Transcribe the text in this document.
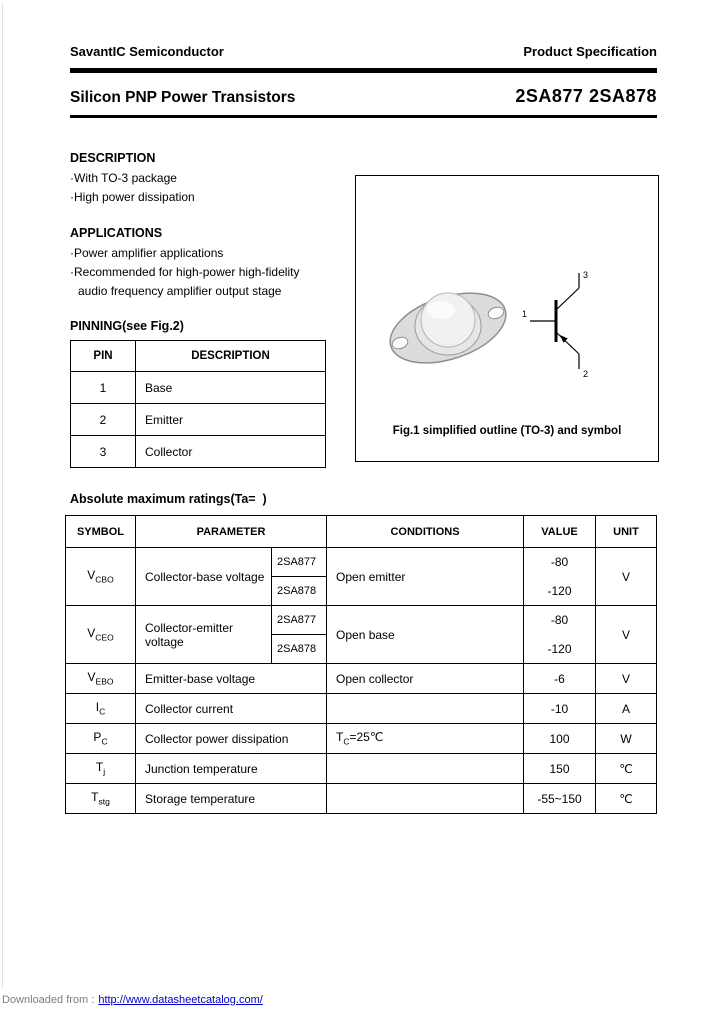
SavantIC Semiconductor	Product Specification
Silicon PNP Power Transistors	2SA877 2SA878
DESCRIPTION
·With TO-3 package
·High power dissipation
APPLICATIONS
·Power amplifier applications
·Recommended for high-power high-fidelity
audio frequency amplifier output stage
PINNING(see Fig.2)
PIN	DESCRIPTION
1	Base
2	Emitter
3	Collector
3
1
2
Fig.1 simplified outline (TO-3) and symbol
Absolute maximum ratings(Ta=  )
SYMBOL	PARAMETER		CONDITIONS	VALUE	UNIT
$V_{CBO}$	Collector-base voltage	2SA877	Open emitter	-80	V
		2SA878		-120	
$V_{CEO}$	Collector-emitter voltage	2SA877	Open base	-80	V
		2SA878		-120	
$V_{EBO}$	Emitter-base voltage		Open collector	-6	V
$I_C$	Collector current			-10	A
$P_C$	Collector power dissipation		$T_C=25℃$	100	W
$T_j$	Junction temperature			150	℃
$T_{stg}$	Storage temperature			-55~150	℃
Downloaded from : http://www.datasheetcatalog.com/
